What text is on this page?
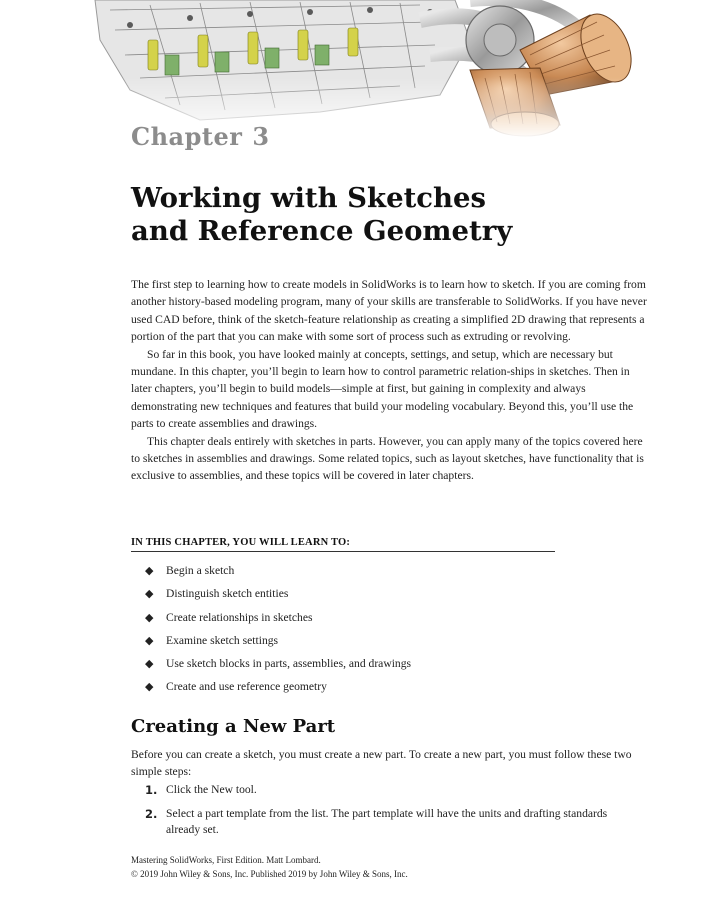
Chapter 3
Working with Sketches
and Reference Geometry

The first step to learning how to create models in SolidWorks is to learn how to sketch. If you are coming from another history-based modeling program, many of your skills are transferable to SolidWorks. If you have never used CAD before, think of the sketch-feature relationship as creating a simplified 2D drawing that represents a portion of the part that you can make with some sort of process such as extruding or revolving.

So far in this book, you have looked mainly at concepts, settings, and setup, which are necessary but mundane. In this chapter, you’ll begin to learn how to control parametric relation-ships in sketches. Then in later chapters, you’ll begin to build models—simple at first, but gaining in complexity and always demonstrating new techniques and features that build your modeling vocabulary. Beyond this, you’ll use the parts to create assemblies and drawings.

This chapter deals entirely with sketches in parts. However, you can apply many of the topics covered here to sketches in assemblies and drawings. Some related topics, such as layout sketches, have functionality that is exclusive to assemblies, and these topics will be covered in later chapters.

IN THIS CHAPTER, YOU WILL LEARN TO:
◆	Begin a sketch
◆	Distinguish sketch entities
◆	Create relationships in sketches
◆	Examine sketch settings
◆	Use sketch blocks in parts, assemblies, and drawings
◆	Create and use reference geometry
Creating a New Part

Before you can create a sketch, you must create a new part. To create a new part, you must follow these two simple steps:

1. Click the New tool.
2. Select a part template from the list. The part template will have the units and drafting standards already set.
Mastering SolidWorks, First Edition. Matt Lombard.
© 2019 John Wiley & Sons, Inc. Published 2019 by John Wiley & Sons, Inc.
